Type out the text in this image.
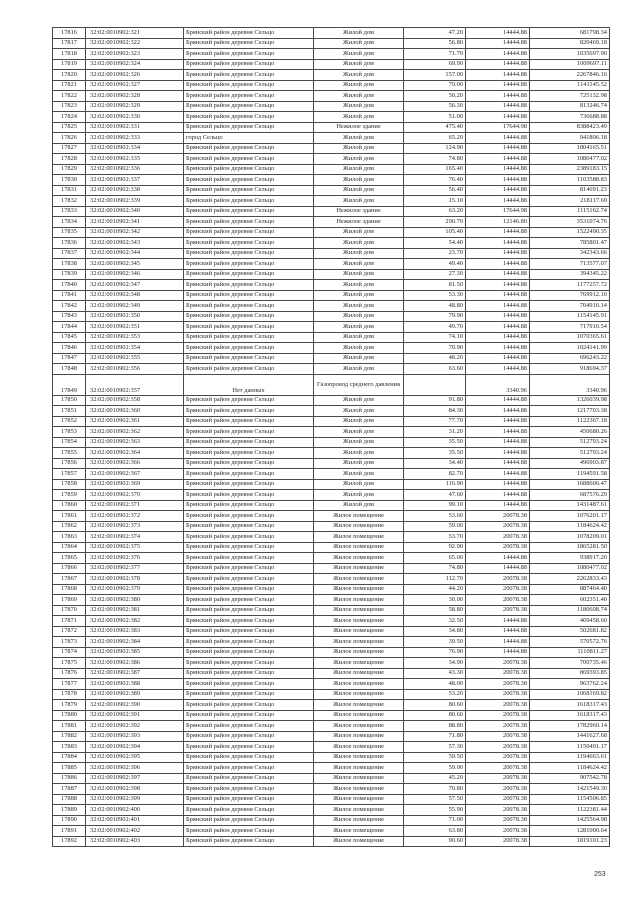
17816	32:02:0010902:321	Брянский район деревня Сельцо	Жилой дом	47.20	14444.88	681798.34
17817	32:02:0010902:322	Брянский район деревня Сельцо	Жилой дом	56.80	14444.88	820469.18
17818	32:02:0010902:323	Брянский район деревня Сельцо	Жилой дом	71.70	14444.88	1035697.90
17819	32:02:0010902:324	Брянский район деревня Сельцо	Жилой дом	69.90	14444.88	1009697.11
17820	32:02:0010902:326	Брянский район деревня Сельцо	Жилой дом	157.00	14444.88	2267846.16
17821	32:02:0010902:327	Брянский район деревня Сельцо	Жилой дом	79.00	14444.88	1141145.52
17822	32:02:0010902:328	Брянский район деревня Сельцо	Жилой дом	50.20	14444.88	725132.98
17823	32:02:0010902:329	Брянский район деревня Сельцо	Жилой дом	56.30	14444.88	813246.74
17824	32:02:0010902:330	Брянский район деревня Сельцо	Жилой дом	51.00	14444.88	736688.88
17825	32:02:0010902:331	Брянский район деревня Сельцо	Нежилое здание	475.40	17644.98	8388423.49
17826	32:02:0010902:333	город Сельцо	Жилой дом	65.20	14444.88	941806.18
17827	32:02:0010902:334	Брянский район деревня Сельцо	Жилой дом	124.90	14444.88	1804165.51
17828	32:02:0010902:335	Брянский район деревня Сельцо	Жилой дом	74.80	14444.88	1080477.02
17829	32:02:0010902:336	Брянский район деревня Сельцо	Жилой дом	165.40	14444.88	2389183.15
17830	32:02:0010902:337	Брянский район деревня Сельцо	Жилой дом	76.40	14444.88	1103588.83
17831	32:02:0010902:338	Брянский район деревня Сельцо	Жилой дом	56.40	14444.88	814691.23
17832	32:02:0010902:339	Брянский район деревня Сельцо	Жилой дом	15.10	14444.88	218117.69
17833	32:02:0010902:340	Брянский район деревня Сельцо	Нежилое здание	63.20	17644.98	1115162.74
17834	32:02:0010902:341	Брянский район деревня Сельцо	Нежилое здание	290.70	12146.80	3531074.76
17835	32:02:0010902:342	Брянский район деревня Сельцо	Жилой дом	105.40	14444.88	1522490.35
17836	32:02:0010902:343	Брянский район деревня Сельцо	Жилой дом	54.40	14444.88	785801.47
17837	32:02:0010902:344	Брянский район деревня Сельцо	Жилой дом	23.70	14444.88	342343.66
17838	32:02:0010902:345	Брянский район деревня Сельцо	Жилой дом	49.40	14444.88	713577.07
17839	32:02:0010902:346	Брянский район деревня Сельцо	Жилой дом	27.30	14444.88	394345.22
17840	32:02:0010902:347	Брянский район деревня Сельцо	Жилой дом	81.50	14444.88	1177257.72
17841	32:02:0010902:348	Брянский район деревня Сельцо	Жилой дом	53.30	14444.88	769912.10
17842	32:02:0010902:349	Брянский район деревня Сельцо	Жилой дом	48.80	14444.88	704910.14
17843	32:02:0010902:350	Брянский район деревня Сельцо	Жилой дом	79.90	14444.88	1154145.91
17844	32:02:0010902:351	Брянский район деревня Сельцо	Жилой дом	49.70	14444.88	717910.54
17845	32:02:0010902:353	Брянский район деревня Сельцо	Жилой дом	74.10	14444.88	1070365.61
17846	32:02:0010902:354	Брянский район деревня Сельцо	Жилой дом	70.90	14444.88	1024141.99
17847	32:02:0010902:355	Брянский район деревня Сельцо	Жилой дом	48.20	14444.88	696243.22
17848	32:02:0010902:356	Брянский район деревня Сельцо	Жилой дом	63.60	14444.88	918694.37
17849	32:02:0010902:357	Нет данных	Газопровод среднего давления		3340.96	3340.96
17850	32:02:0010902:358	Брянский район деревня Сельцо	Жилой дом	91.80	14444.88	1326039.98
17851	32:02:0010902:360	Брянский район деревня Сельцо	Жилой дом	84.30	14444.88	1217703.38
17852	32:02:0010902:361	Брянский район деревня Сельцо	Жилой дом	77.70	14444.88	1122367.18
17853	32:02:0010902:362	Брянский район деревня Сельцо	Жилой дом	31.20	14444.88	450680.26
17854	32:02:0010902:363	Брянский район деревня Сельцо	Жилой дом	35.50	14444.88	512793.24
17855	32:02:0010902:364	Брянский район деревня Сельцо	Жилой дом	35.50	14444.88	512793.24
17856	32:02:0010902:366	Брянский район деревня Сельцо	Жилой дом	34.40	14444.88	496903.87
17857	32:02:0010902:367	Брянский район деревня Сельцо	Жилой дом	82.70	14444.88	1194591.58
17858	32:02:0010902:369	Брянский район деревня Сельцо	Жилой дом	116.90	14444.88	1688606.47
17859	32:02:0010902:370	Брянский район деревня Сельцо	Жилой дом	47.60	14444.88	687576.29
17860	32:02:0010902:371	Брянский район деревня Сельцо	Жилой дом	99.10	14444.88	1431487.61
17861	32:02:0010902:372	Брянский район деревня Сельцо	Жилое помещение	53.60	20078.38	1076201.17
17862	32:02:0010902:373	Брянский район деревня Сельцо	Жилое помещение	59.00	20078.38	1184624.42
17863	32:02:0010902:374	Брянский район деревня Сельцо	Жилое помещение	53.70	20078.38	1078209.01
17864	32:02:0010902:375	Брянский район деревня Сельцо	Жилое помещение	92.90	20078.38	1865281.50
17865	32:02:0010902:376	Брянский район деревня Сельцо	Жилое помещение	65.00	14444.88	938917.20
17866	32:02:0010902:377	Брянский район деревня Сельцо	Жилое помещение	74.80	14444.88	1080477.02
17867	32:02:0010902:378	Брянский район деревня Сельцо	Жилое помещение	112.70	20078.38	2262833.43
17868	32:02:0010902:379	Брянский район деревня Сельцо	Жилое помещение	44.20	20078.38	887464.40
17869	32:02:0010902:380	Брянский район деревня Сельцо	Жилое помещение	30.00	20078.38	602351.40
17870	32:02:0010902:381	Брянский район деревня Сельцо	Жилое помещение	58.80	20078.38	1180608.74
17871	32:02:0010902:382	Брянский район деревня Сельцо	Жилое помещение	32.50	14444.88	469458.60
17872	32:02:0010902:383	Брянский район деревня Сельцо	Жилое помещение	34.80	14444.88	502681.82
17873	32:02:0010902:384	Брянский район деревня Сельцо	Жилое помещение	39.50	14444.88	570572.76
17874	32:02:0010902:385	Брянский район деревня Сельцо	Жилое помещение	76.90	14444.88	1110811.27
17875	32:02:0010902:386	Брянский район деревня Сельцо	Жилое помещение	34.90	20078.38	700735.46
17876	32:02:0010902:387	Брянский район деревня Сельцо	Жилое помещение	43.30	20078.38	869393.85
17877	32:02:0010902:388	Брянский район деревня Сельцо	Жилое помещение	48.00	20078.38	963762.24
17878	32:02:0010902:389	Брянский район деревня Сельцо	Жилое помещение	53.20	20078.38	1068169.82
17879	32:02:0010902:390	Брянский район деревня Сельцо	Жилое помещение	80.60	20078.38	1618317.43
17880	32:02:0010902:391	Брянский район деревня Сельцо	Жилое помещение	80.60	20078.38	1618317.43
17881	32:02:0010902:392	Брянский район деревня Сельцо	Жилое помещение	88.80	20078.38	1782960.14
17882	32:02:0010902:393	Брянский район деревня Сельцо	Жилое помещение	71.80	20078.38	1441627.68
17883	32:02:0010902:394	Брянский район деревня Сельцо	Жилое помещение	57.30	20078.38	1150491.17
17884	32:02:0010902:395	Брянский район деревня Сельцо	Жилое помещение	59.50	20078.38	1194663.61
17885	32:02:0010902:396	Брянский район деревня Сельцо	Жилое помещение	59.00	20078.38	1184624.42
17886	32:02:0010902:397	Брянский район деревня Сельцо	Жилое помещение	45.20	20078.38	907542.78
17887	32:02:0010902:398	Брянский район деревня Сельцо	Жилое помещение	70.80	20078.38	1421549.30
17888	32:02:0010902:399	Брянский район деревня Сельцо	Жилое помещение	57.50	20078.38	1154506.85
17889	32:02:0010902:400	Брянский район деревня Сельцо	Жилое помещение	55.90	20078.38	1122381.44
17890	32:02:0010902:401	Брянский район деревня Сельцо	Жилое помещение	71.00	20078.38	1425564.98
17891	32:02:0010902:402	Брянский район деревня Сельцо	Жилое помещение	63.80	20078.38	1281000.64
17892	32:02:0010902:403	Брянский район деревня Сельцо	Жилое помещение	90.60	20078.38	1819101.23
253
